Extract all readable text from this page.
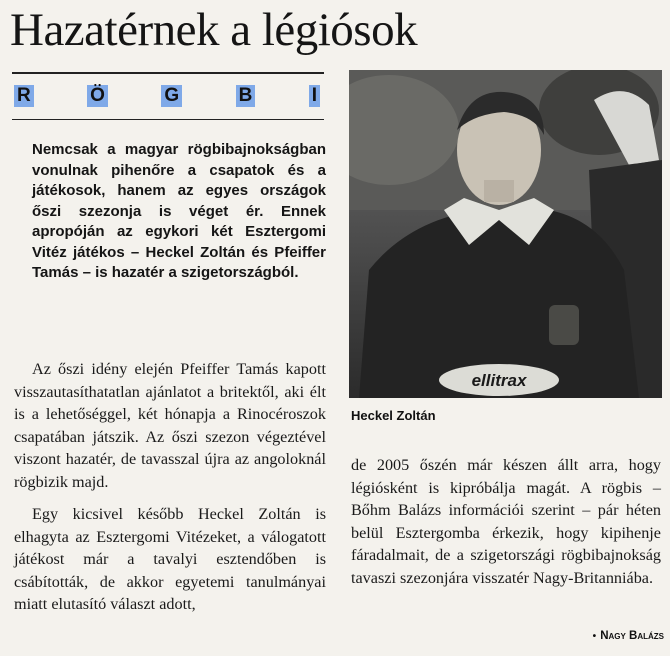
Hazatérnek a légiósok
R	Ö	G	B	I
Nemcsak a magyar rögbibajnokságban vonulnak pihenőre a csapatok és a játékosok, hanem az egyes országok őszi szezonja is véget ér. Ennek apropóján az egykori két Esztergomi Vitéz játékos – Heckel Zoltán és Pfeiffer Tamás – is hazatér a szigetországból.

Az őszi idény elején Pfeiffer Tamás kapott visszautasíthatatlan ajánlatot a britektől, aki élt is a lehetőséggel, két hónapja a Rinocéroszok csapatában játszik. Az őszi szezon végeztével viszont hazatér, de tavasszal újra az angoloknál rögbizik majd.

Egy kicsivel később Heckel Zoltán is elhagyta az Esztergomi Vitézeket, a válogatott játékost már a tavalyi esztendőben is csábították, de akkor egyetemi tanulmányai miatt elutasító választ adott,

ellitrax
Heckel Zoltán

de 2005 őszén már készen állt arra, hogy légiósként is kipróbálja magát. A rögbis – Bőhm Balázs információi szerint – pár héten belül Esztergomba érkezik, hogy kipihenje fáradalmait, de a szigetországi rögbibajnokság tavaszi szezonjára visszatér Nagy-Britanniába.

• Nagy Balázs
